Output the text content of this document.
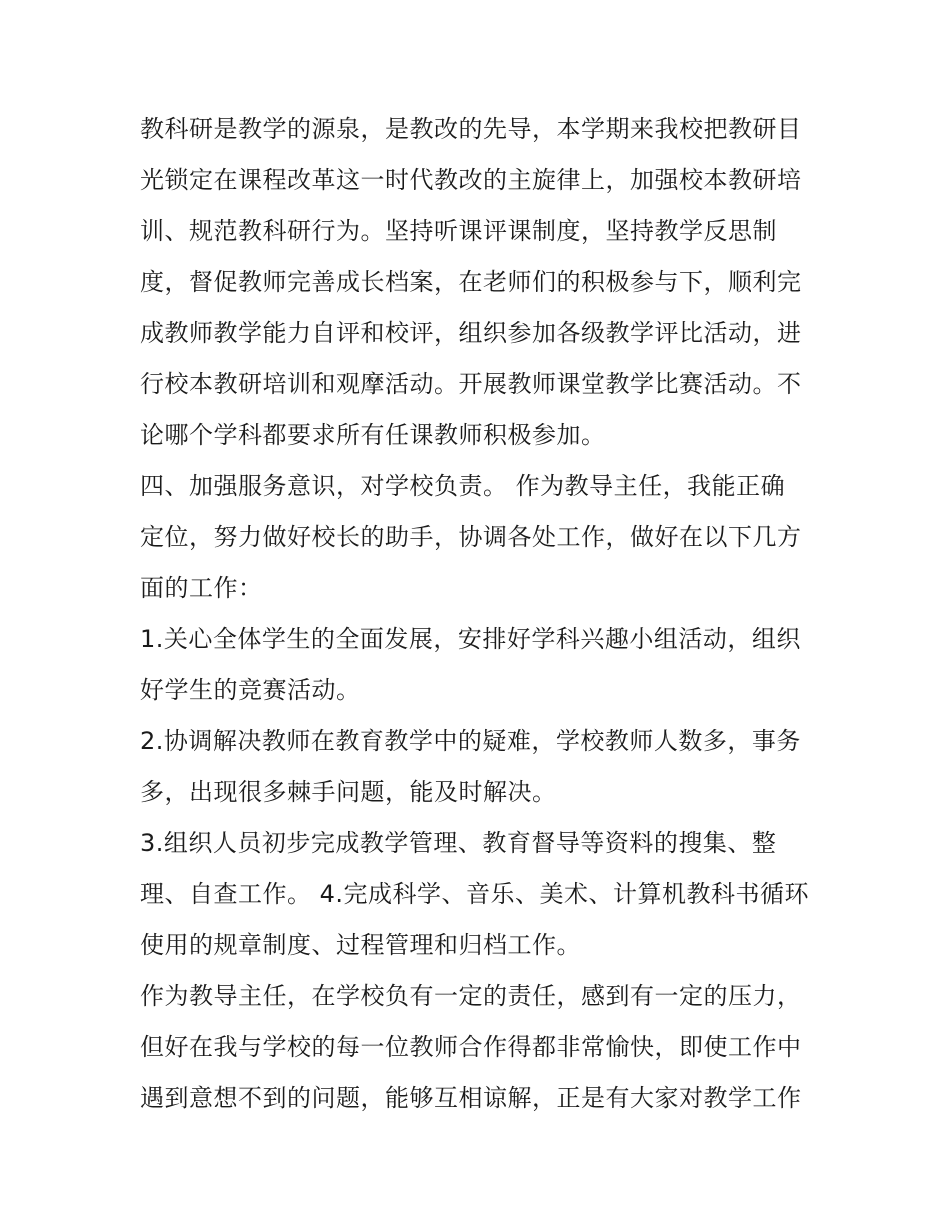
教科研是教学的源泉，是教改的先导，本学期来我校把教研目
光锁定在课程改革这一时代教改的主旋律上，加强校本教研培
训、规范教科研行为。坚持听课评课制度，坚持教学反思制
度，督促教师完善成长档案，在老师们的积极参与下，顺利完
成教师教学能力自评和校评，组织参加各级教学评比活动，进
行校本教研培训和观摩活动。开展教师课堂教学比赛活动。不
论哪个学科都要求所有任课教师积极参加。
四、加强服务意识，对学校负责。 作为教导主任，我能正确
定位，努力做好校长的助手，协调各处工作，做好在以下几方
面的工作：
1.关心全体学生的全面发展，安排好学科兴趣小组活动，组织
好学生的竞赛活动。
2.协调解决教师在教育教学中的疑难，学校教师人数多，事务
多，出现很多棘手问题，能及时解决。
3.组织人员初步完成教学管理、教育督导等资料的搜集、整
理、自查工作。 4.完成科学、音乐、美术、计算机教科书循环
使用的规章制度、过程管理和归档工作。
作为教导主任，在学校负有一定的责任，感到有一定的压力，
但好在我与学校的每一位教师合作得都非常愉快，即使工作中
遇到意想不到的问题，能够互相谅解，正是有大家对教学工作
